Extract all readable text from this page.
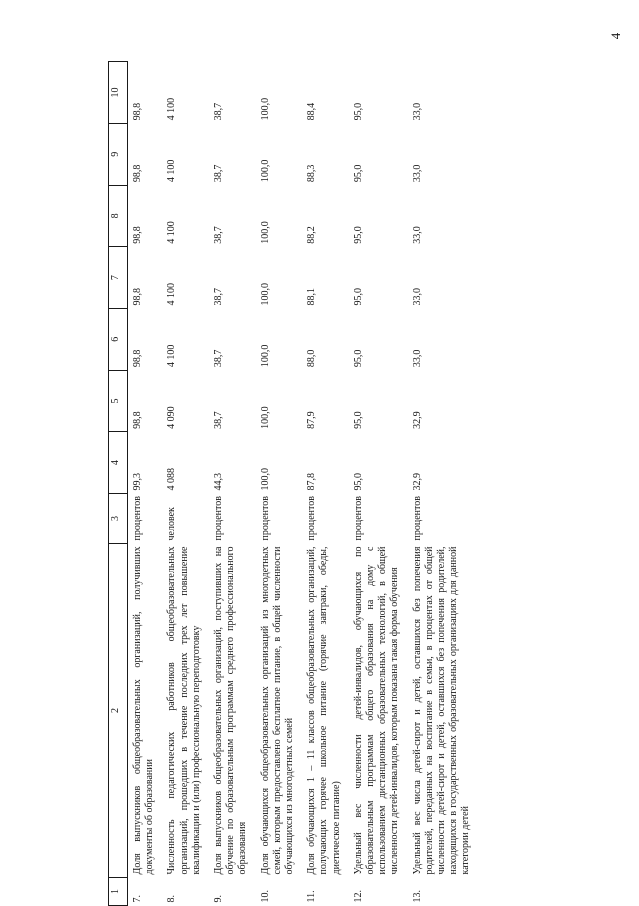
4
1	2	3	4	5	6	7	8	9	10
7.	Доля выпускников общеобразовательных организаций, получивших документы об образовании	процентов	99,3	98,8	98,8	98,8	98,8	98,8	98,8
8.	Численность педагогических работников общеобразовательных организаций, прошедших в течение последних трех лет повышение квалификации и (или) профессиональную переподготовку	человек	4 088	4 090	4 100	4 100	4 100	4 100	4 100
9.	Доля выпускников общеобразовательных организаций, поступивших на обучение по образовательным программам среднего профессионального образования	процентов	44,3	38,7	38,7	38,7	38,7	38,7	38,7
10.	Доля обучающихся общеобразовательных организаций из многодетных семей, которым предоставлено бесплатное питание, в общей численности обучающихся из многодетных семей	процентов	100,0	100,0	100,0	100,0	100,0	100,0	100,0
11.	Доля обучающихся 1 – 11 классов общеобразовательных организаций, получающих горячее школьное питание (горячие завтраки, обеды, диетическое питание)	процентов	87,8	87,9	88,0	88,1	88,2	88,3	88,4
12.	Удельный вес численности детей-инвалидов, обучающихся по образовательным программам общего образования на дому с использованием дистанционных образовательных технологий, в общей численности детей-инвалидов, которым показана такая форма обучения	процентов	95,0	95,0	95,0	95,0	95,0	95,0	95,0
13.	Удельный вес числа детей-сирот и детей, оставшихся без попечения родителей, переданных на воспитание в семьи, в процентах от общей численности детей-сирот и детей, оставшихся без попечения родителей, находящихся в государственных образовательных организациях для данной категории детей	процентов	32,9	32,9	33,0	33,0	33,0	33,0	33,0
